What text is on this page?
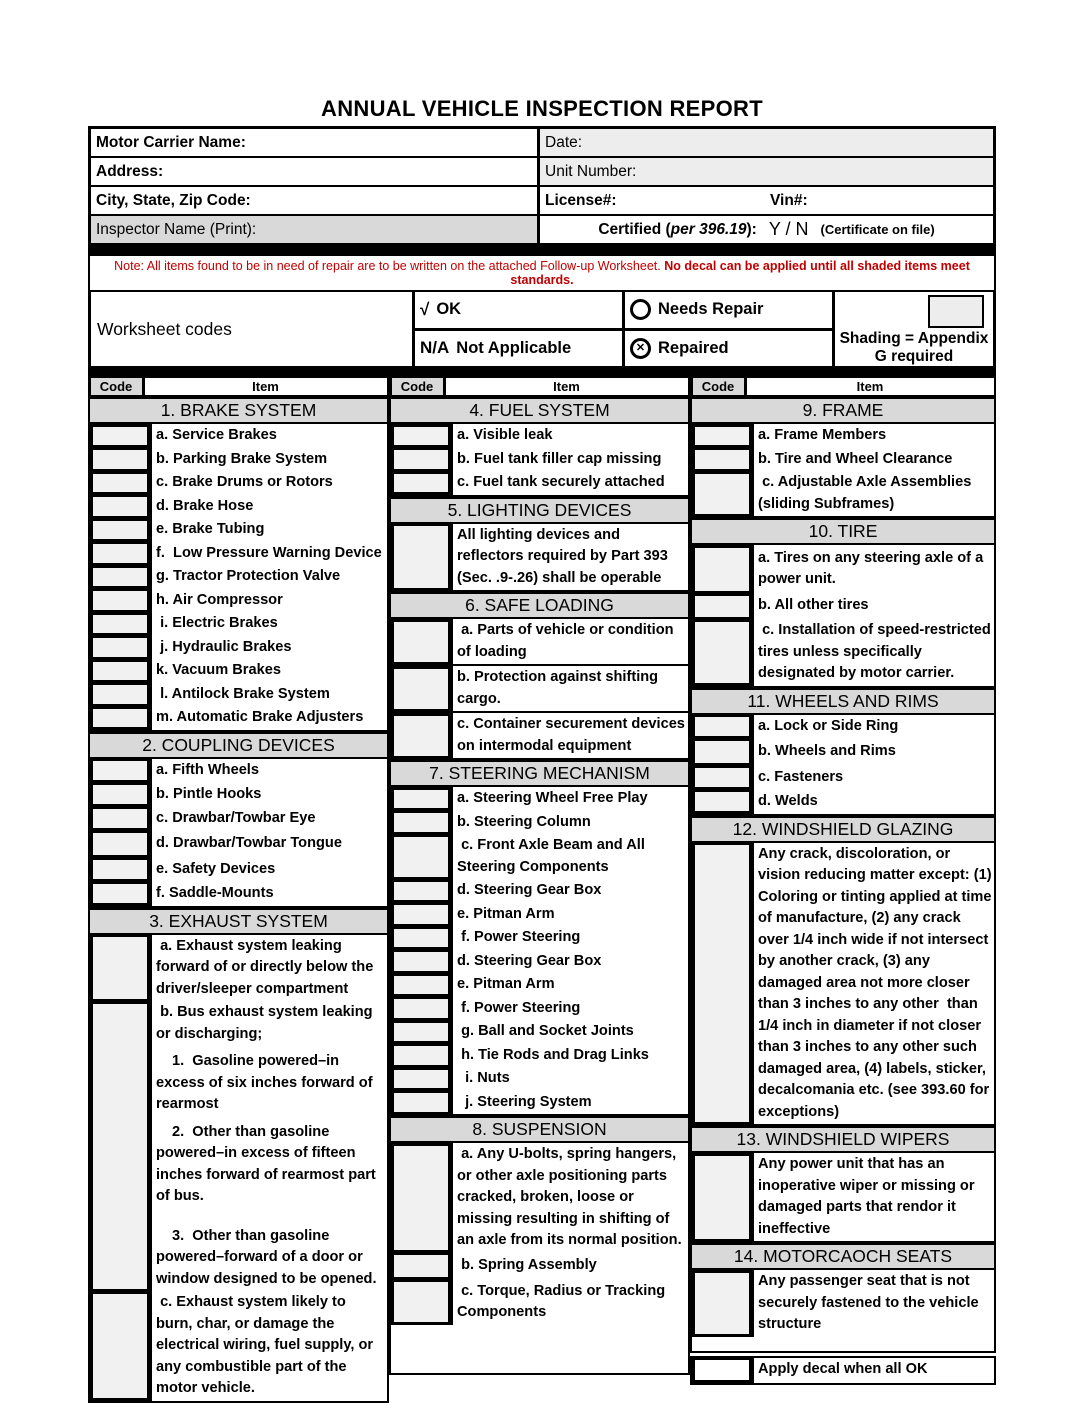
ANNUAL VEHICLE INSPECTION REPORT
Motor Carrier Name:	Date:
Address:	Unit Number:
City, State, Zip Code:	License#:	Vin#:
Inspector Name (Print):	Certified (per 396.19): Y / N (Certificate on file)
Note: All items found to be in need of repair are to be written on the attached Follow-up Worksheet. No decal can be applied until all shaded items meet standards.
Worksheet codes
√ OK
N/A Not Applicable
Needs Repair
✕ Repaired
Shading = Appendix G required
Code	Item
1. BRAKE SYSTEM
a. Service Brakes
b. Parking Brake System
c. Brake Drums or Rotors
d. Brake Hose
e. Brake Tubing
f.  Low Pressure Warning Device
g. Tractor Protection Valve
h. Air Compressor
i. Electric Brakes
j. Hydraulic Brakes
k. Vacuum Brakes
l. Antilock Brake System
m. Automatic Brake Adjusters
2. COUPLING DEVICES
a. Fifth Wheels
b. Pintle Hooks
c. Drawbar/Towbar Eye
d. Drawbar/Towbar Tongue
e. Safety Devices
f. Saddle-Mounts
3. EXHAUST SYSTEM
a. Exhaust system leaking forward of or directly below the driver/sleeper compartment
b. Bus exhaust system leaking or discharging;
1.  Gasoline powered–in excess of six inches forward of rearmost
2.  Other than gasoline powered–in excess of fifteen inches forward of rearmost part of bus.
3.  Other than gasoline powered–forward of a door or window designed to be opened.
c. Exhaust system likely to burn, char, or damage the electrical wiring, fuel supply, or any combustible part of the motor vehicle.
Code	Item
4. FUEL SYSTEM
a. Visible leak
b. Fuel tank filler cap missing
c. Fuel tank securely attached
5. LIGHTING DEVICES
All lighting devices and reflectors required by Part 393 (Sec. .9-.26) shall be operable
6. SAFE LOADING
a. Parts of vehicle or condition of loading
b. Protection against shifting cargo.
c. Container securement devices on intermodal equipment
7. STEERING MECHANISM
a. Steering Wheel Free Play
b. Steering Column
c. Front Axle Beam and All Steering Components
d. Steering Gear Box
e. Pitman Arm
f. Power Steering
d. Steering Gear Box
e. Pitman Arm
f. Power Steering
g. Ball and Socket Joints
h. Tie Rods and Drag Links
i. Nuts
j. Steering System
8. SUSPENSION
a. Any U-bolts, spring hangers, or other axle positioning parts cracked, broken, loose or missing resulting in shifting of an axle from its normal position.
b. Spring Assembly
c. Torque, Radius or Tracking Components
Code	Item
9. FRAME
a. Frame Members
b. Tire and Wheel Clearance
c. Adjustable Axle Assemblies (sliding Subframes)
10. TIRE
a. Tires on any steering axle of a power unit.
b. All other tires
c. Installation of speed-restricted tires unless specifically designated by motor carrier.
11. WHEELS AND RIMS
a. Lock or Side Ring
b. Wheels and Rims
c. Fasteners
d. Welds
12. WINDSHIELD GLAZING
Any crack, discoloration, or vision reducing matter except: (1) Coloring or tinting applied at time of manufacture, (2) any crack over 1/4 inch wide if not intersect by another crack, (3) any damaged area not more closer than 3 inches to any other  than 1/4 inch in diameter if not closer than 3 inches to any other such damaged area, (4) labels, sticker, decalcomania etc. (see 393.60 for exceptions)
13. WINDSHIELD WIPERS
Any power unit that has an inoperative wiper or missing or damaged parts that rendor it ineffective
14. MOTORCAOCH SEATS
Any passenger seat that is not securely fastened to the vehicle structure
Apply decal when all OK
